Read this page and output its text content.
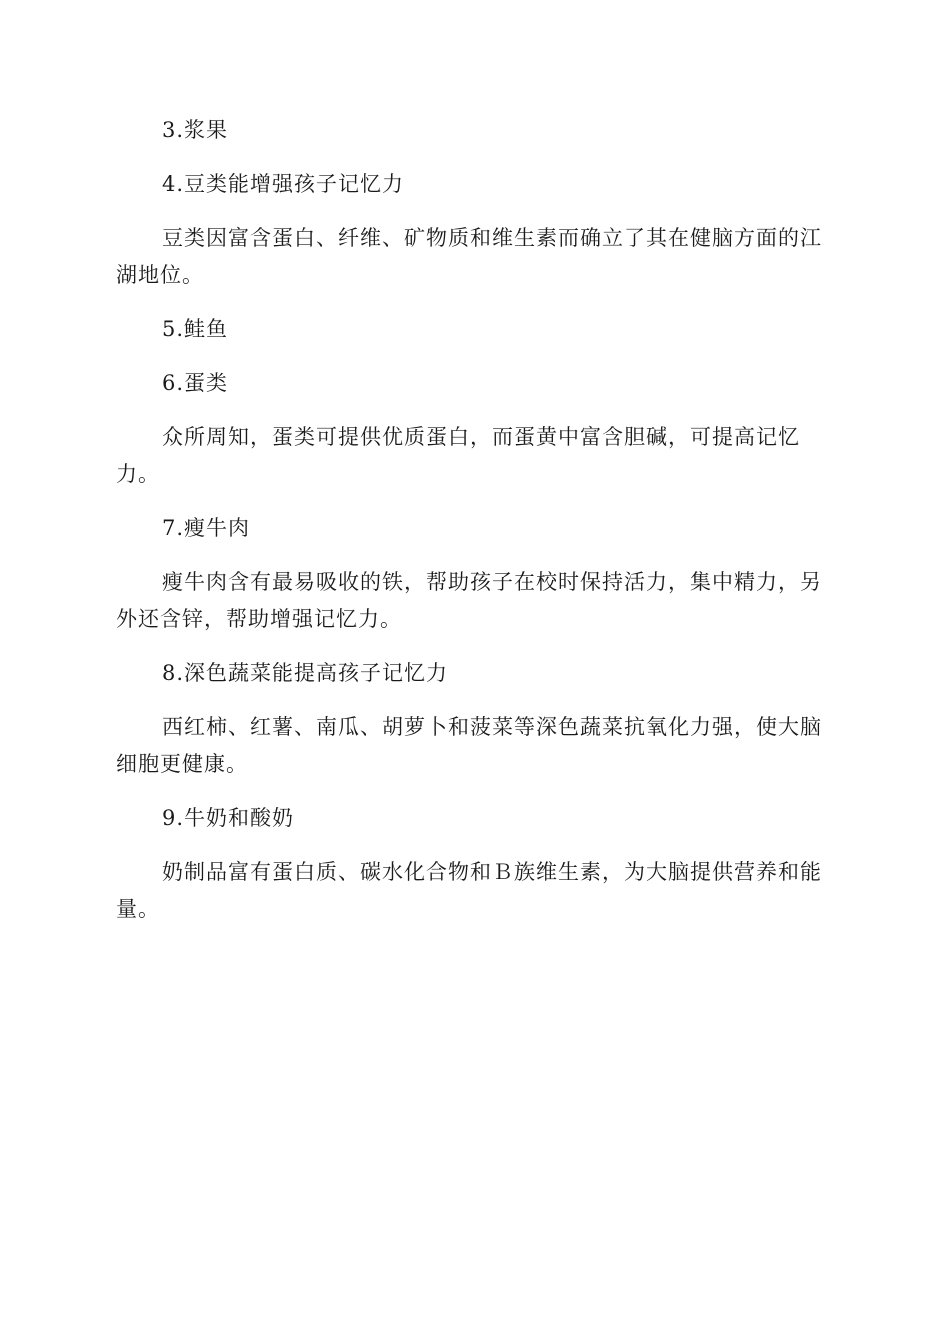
3.浆果

4.豆类能增强孩子记忆力

豆类因富含蛋白、纤维、矿物质和维生素而确立了其在健脑方面的江湖地位。

5.鲑鱼

6.蛋类

众所周知，蛋类可提供优质蛋白，而蛋黄中富含胆碱，可提高记忆力。

7.瘦牛肉

瘦牛肉含有最易吸收的铁，帮助孩子在校时保持活力，集中精力，另外还含锌，帮助增强记忆力。

8.深色蔬菜能提高孩子记忆力

西红柿、红薯、南瓜、胡萝卜和菠菜等深色蔬菜抗氧化力强，使大脑细胞更健康。

9.牛奶和酸奶

奶制品富有蛋白质、碳水化合物和Ｂ族维生素，为大脑提供营养和能量。
